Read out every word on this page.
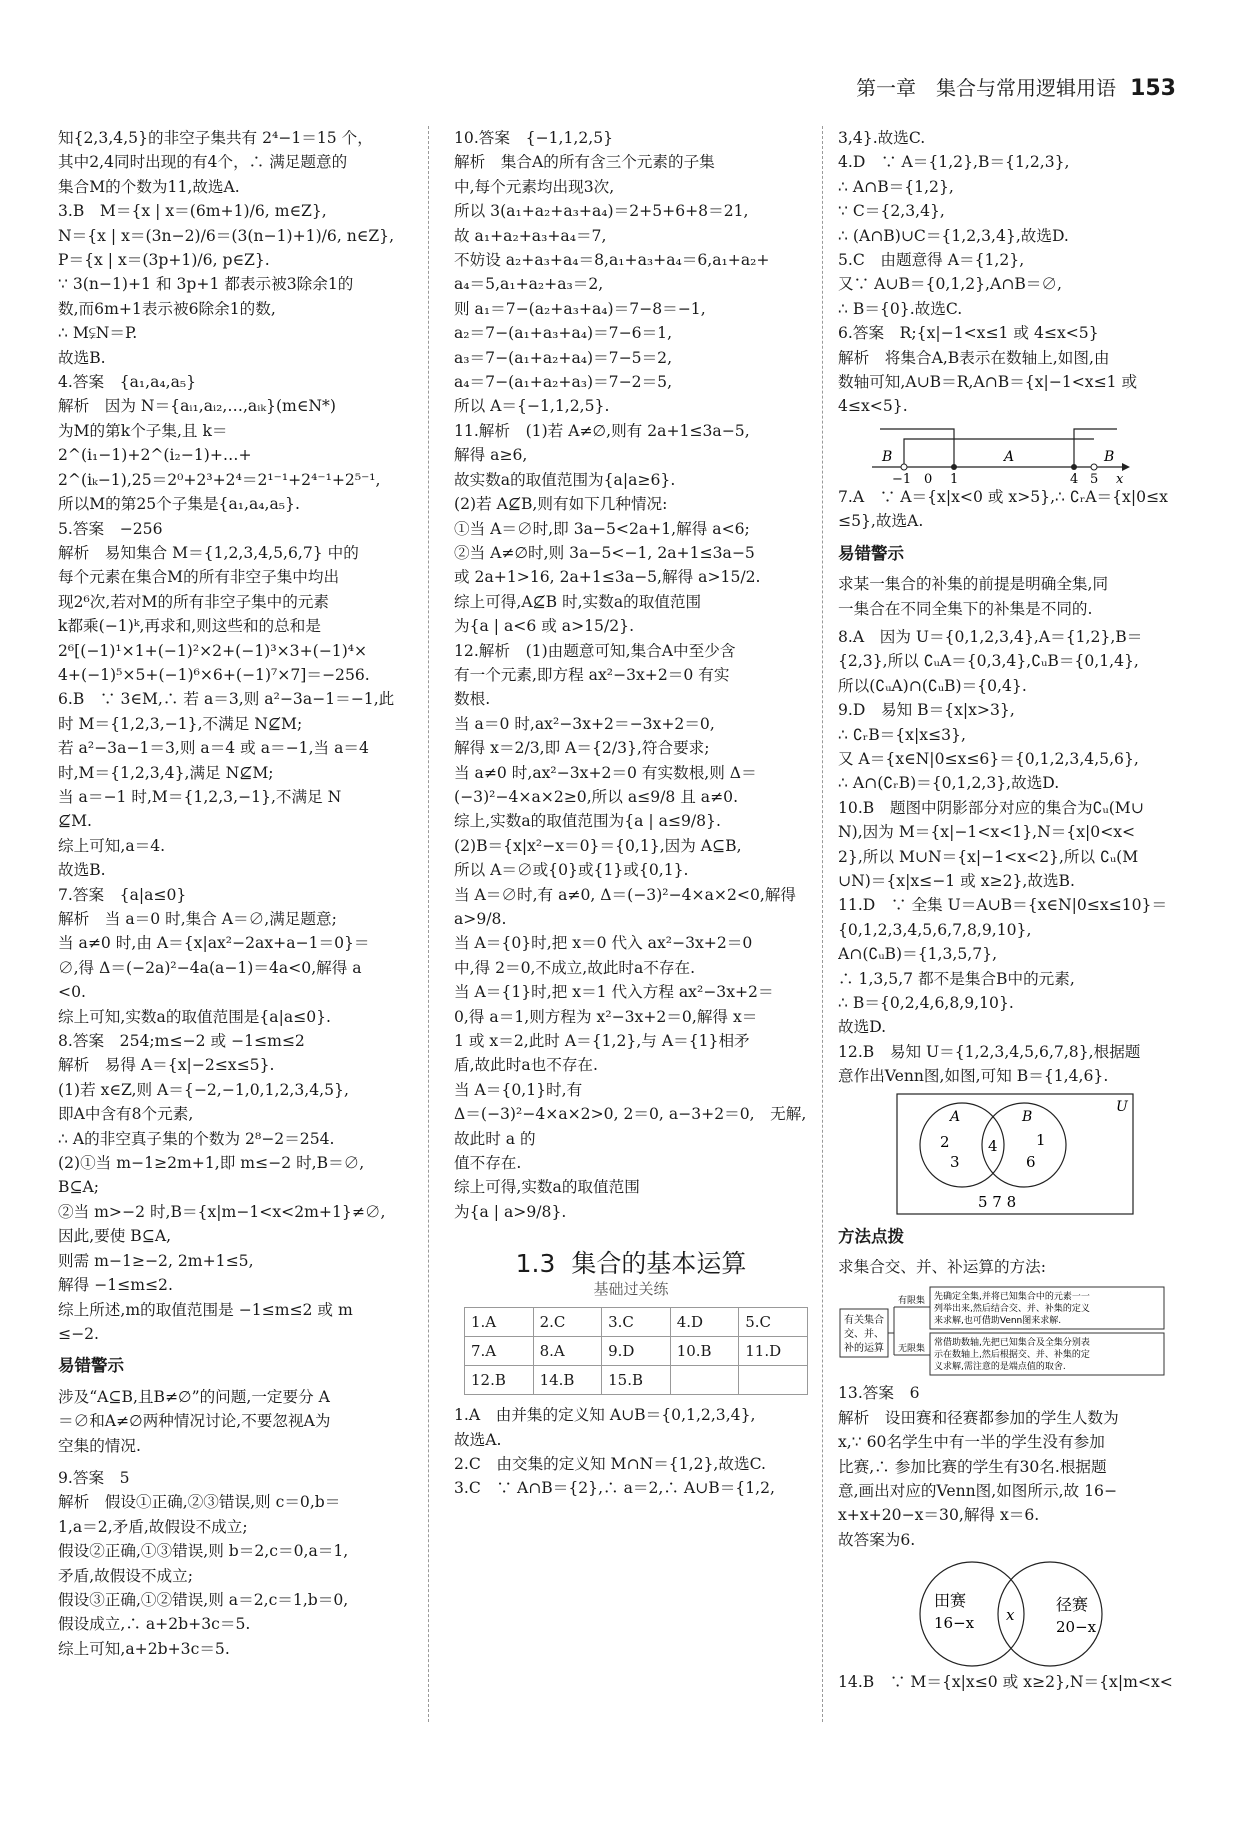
第一章　集合与常用逻辑用语 153
知{2,3,4,5}的非空子集共有 2⁴−1＝15 个，
其中2,4同时出现的有4个，∴ 满足题意的
集合M的个数为11,故选A.
3.B　M＝{x | x＝(6m+1)/6, m∈Z},
N＝{x | x＝(3n−2)/6＝(3(n−1)+1)/6, n∈Z},
P＝{x | x＝(3p+1)/6, p∈Z}.
∵ 3(n−1)+1 和 3p+1 都表示被3除余1的
数,而6m+1表示被6除余1的数,
∴ M⫋N＝P.
故选B.
4.答案　{a₁,a₄,a₅}
解析　因为 N＝{aᵢ₁,aᵢ₂,…,aᵢₖ}(m∈N*)
为M的第k个子集,且 k＝2^(i₁−1)+2^(i₂−1)+…+
2^(iₖ−1),25＝2⁰+2³+2⁴＝2¹⁻¹+2⁴⁻¹+2⁵⁻¹,
所以M的第25个子集是{a₁,a₄,a₅}.
5.答案　−256
解析　易知集合 M＝{1,2,3,4,5,6,7} 中的
每个元素在集合M的所有非空子集中均出
现2⁶次,若对M的所有非空子集中的元素
k都乘(−1)ᵏ,再求和,则这些和的总和是
2⁶[(−1)¹×1+(−1)²×2+(−1)³×3+(−1)⁴×
4+(−1)⁵×5+(−1)⁶×6+(−1)⁷×7]＝−256.
6.B　∵ 3∈M,∴ 若 a＝3,则 a²−3a−1＝−1,此
时 M＝{1,2,3,−1},不满足 N⊈M;
若 a²−3a−1＝3,则 a＝4 或 a＝−1,当 a＝4
时,M＝{1,2,3,4},满足 N⊈M;
当 a＝−1 时,M＝{1,2,3,−1},不满足 N
⊈M.
综上可知,a＝4.
故选B.
7.答案　{a|a≤0}
解析　当 a＝0 时,集合 A＝∅,满足题意;
当 a≠0 时,由 A＝{x|ax²−2ax+a−1＝0}＝
∅,得 Δ＝(−2a)²−4a(a−1)＝4a<0,解得 a
<0.
综上可知,实数a的取值范围是{a|a≤0}.
8.答案　254;m≤−2 或 −1≤m≤2
解析　易得 A＝{x|−2≤x≤5}.
(1)若 x∈Z,则 A＝{−2,−1,0,1,2,3,4,5},
即A中含有8个元素,
∴ A的非空真子集的个数为 2⁸−2＝254.
(2)①当 m−1≥2m+1,即 m≤−2 时,B＝∅,
B⊆A;
②当 m>−2 时,B＝{x|m−1<x<2m+1}≠∅,
因此,要使 B⊆A,
则需 m−1≥−2, 2m+1≤5,
解得 −1≤m≤2.
综上所述,m的取值范围是 −1≤m≤2 或 m
≤−2.
易错警示
涉及“A⊆B,且B≠∅”的问题,一定要分 A
＝∅和A≠∅两种情况讨论,不要忽视A为
空集的情况.
9.答案　5
解析　假设①正确,②③错误,则 c＝0,b＝
1,a＝2,矛盾,故假设不成立;
假设②正确,①③错误,则 b＝2,c＝0,a＝1,
矛盾,故假设不成立;
假设③正确,①②错误,则 a＝2,c＝1,b＝0,
假设成立,∴ a+2b+3c＝5.
综上可知,a+2b+3c＝5.
10.答案　{−1,1,2,5}
解析　集合A的所有含三个元素的子集
中,每个元素均出现3次,
所以 3(a₁+a₂+a₃+a₄)＝2+5+6+8＝21,
故 a₁+a₂+a₃+a₄＝7,
不妨设 a₂+a₃+a₄＝8,a₁+a₃+a₄＝6,a₁+a₂+
a₄＝5,a₁+a₂+a₃＝2,
则 a₁＝7−(a₂+a₃+a₄)＝7−8＝−1,
a₂＝7−(a₁+a₃+a₄)＝7−6＝1,
a₃＝7−(a₁+a₂+a₄)＝7−5＝2,
a₄＝7−(a₁+a₂+a₃)＝7−2＝5,
所以 A＝{−1,1,2,5}.
11.解析　(1)若 A≠∅,则有 2a+1≤3a−5,
解得 a≥6,
故实数a的取值范围为{a|a≥6}.
(2)若 A⊈B,则有如下几种情况:
①当 A＝∅时,即 3a−5<2a+1,解得 a<6;
②当 A≠∅时,则 3a−5<−1, 2a+1≤3a−5
或 2a+1>16, 2a+1≤3a−5,解得 a>15/2.
综上可得,A⊈B 时,实数a的取值范围
为{a | a<6 或 a>15/2}.
12.解析　(1)由题意可知,集合A中至少含
有一个元素,即方程 ax²−3x+2＝0 有实
数根.
当 a＝0 时,ax²−3x+2＝−3x+2＝0,
解得 x＝2/3,即 A＝{2/3},符合要求;
当 a≠0 时,ax²−3x+2＝0 有实数根,则 Δ＝
(−3)²−4×a×2≥0,所以 a≤9/8 且 a≠0.
综上,实数a的取值范围为{a | a≤9/8}.
(2)B＝{x|x²−x＝0}＝{0,1},因为 A⊆B,
所以 A＝∅或{0}或{1}或{0,1}.
当 A＝∅时,有 a≠0, Δ＝(−3)²−4×a×2<0,解得
a>9/8.
当 A＝{0}时,把 x＝0 代入 ax²−3x+2＝0
中,得 2＝0,不成立,故此时a不存在.
当 A＝{1}时,把 x＝1 代入方程 ax²−3x+2＝
0,得 a＝1,则方程为 x²−3x+2＝0,解得 x＝
1 或 x＝2,此时 A＝{1,2},与 A＝{1}相矛
盾,故此时a也不存在.
当 A＝{0,1}时,有
Δ＝(−3)²−4×a×2>0, 2＝0, a−3+2＝0,　无解,故此时 a 的
值不存在.
综上可得,实数a的取值范围
为{a | a>9/8}.
1.3 集合的基本运算
基础过关练
1.A	2.C	3.C	4.D	5.C
7.A	8.A	9.D	10.B	11.D
12.B	14.B	15.B		
1.A　由并集的定义知 A∪B＝{0,1,2,3,4},
故选A.
2.C　由交集的定义知 M∩N＝{1,2},故选C.
3.C　∵ A∩B＝{2},∴ a＝2,∴ A∪B＝{1,2,
3,4}.故选C.
4.D　∵ A＝{1,2},B＝{1,2,3},
∴ A∩B＝{1,2},
∵ C＝{2,3,4},
∴ (A∩B)∪C＝{1,2,3,4},故选D.
5.C　由题意得 A＝{1,2},
又∵ A∪B＝{0,1,2},A∩B＝∅,
∴ B＝{0}.故选C.
6.答案　R;{x|−1<x≤1 或 4≤x<5}
解析　将集合A,B表示在数轴上,如图,由
数轴可知,A∪B＝R,A∩B＝{x|−1<x≤1 或
4≤x<5}.
B	A	B
−1 0 1	4 5 x
7.A　∵ A＝{x|x<0 或 x>5},∴ ∁ᵣA＝{x|0≤x
≤5},故选A.
易错警示
求某一集合的补集的前提是明确全集,同
一集合在不同全集下的补集是不同的.
8.A　因为 U＝{0,1,2,3,4},A＝{1,2},B＝
{2,3},所以 ∁ᵤA＝{0,3,4},∁ᵤB＝{0,1,4},
所以(∁ᵤA)∩(∁ᵤB)＝{0,4}.
9.D　易知 B＝{x|x>3},
∴ ∁ᵣB＝{x|x≤3},
又 A＝{x∈N|0≤x≤6}＝{0,1,2,3,4,5,6},
∴ A∩(∁ᵣB)＝{0,1,2,3},故选D.
10.B　题图中阴影部分对应的集合为∁ᵤ(M∪
N),因为 M＝{x|−1<x<1},N＝{x|0<x<
2},所以 M∪N＝{x|−1<x<2},所以 ∁ᵤ(M
∪N)＝{x|x≤−1 或 x≥2},故选B.
11.D　∵ 全集 U＝A∪B＝{x∈N|0≤x≤10}＝
{0,1,2,3,4,5,6,7,8,9,10},
A∩(∁ᵤB)＝{1,3,5,7},
∴ 1,3,5,7 都不是集合B中的元素,
∴ B＝{0,2,4,6,8,9,10}.
故选D.
12.B　易知 U＝{1,2,3,4,5,6,7,8},根据题
意作出Venn图,如图,可知 B＝{1,4,6}.
U
A	B
2
3
4	1
6
5 7 8
方法点拨
求集合交、并、补运算的方法:
有关集合
交、并、
补的运算
有限集
无限集
先确定全集,并将已知集合中的元素一一
列举出来,然后结合交、并、补集的定义
来求解,也可借助Venn图来求解.
常借助数轴,先把已知集合及全集分别表
示在数轴上,然后根据交、并、补集的定
义求解,需注意的是端点值的取舍.
13.答案　6
解析　设田赛和径赛都参加的学生人数为
x,∵ 60名学生中有一半的学生没有参加
比赛,∴ 参加比赛的学生有30名.根据题
意,画出对应的Venn图,如图所示,故 16−
x+x+20−x＝30,解得 x＝6.
故答案为6.
田赛
16−x x
径赛
20−x
14.B　∵ M＝{x|x≤0 或 x≥2},N＝{x|m<x<
